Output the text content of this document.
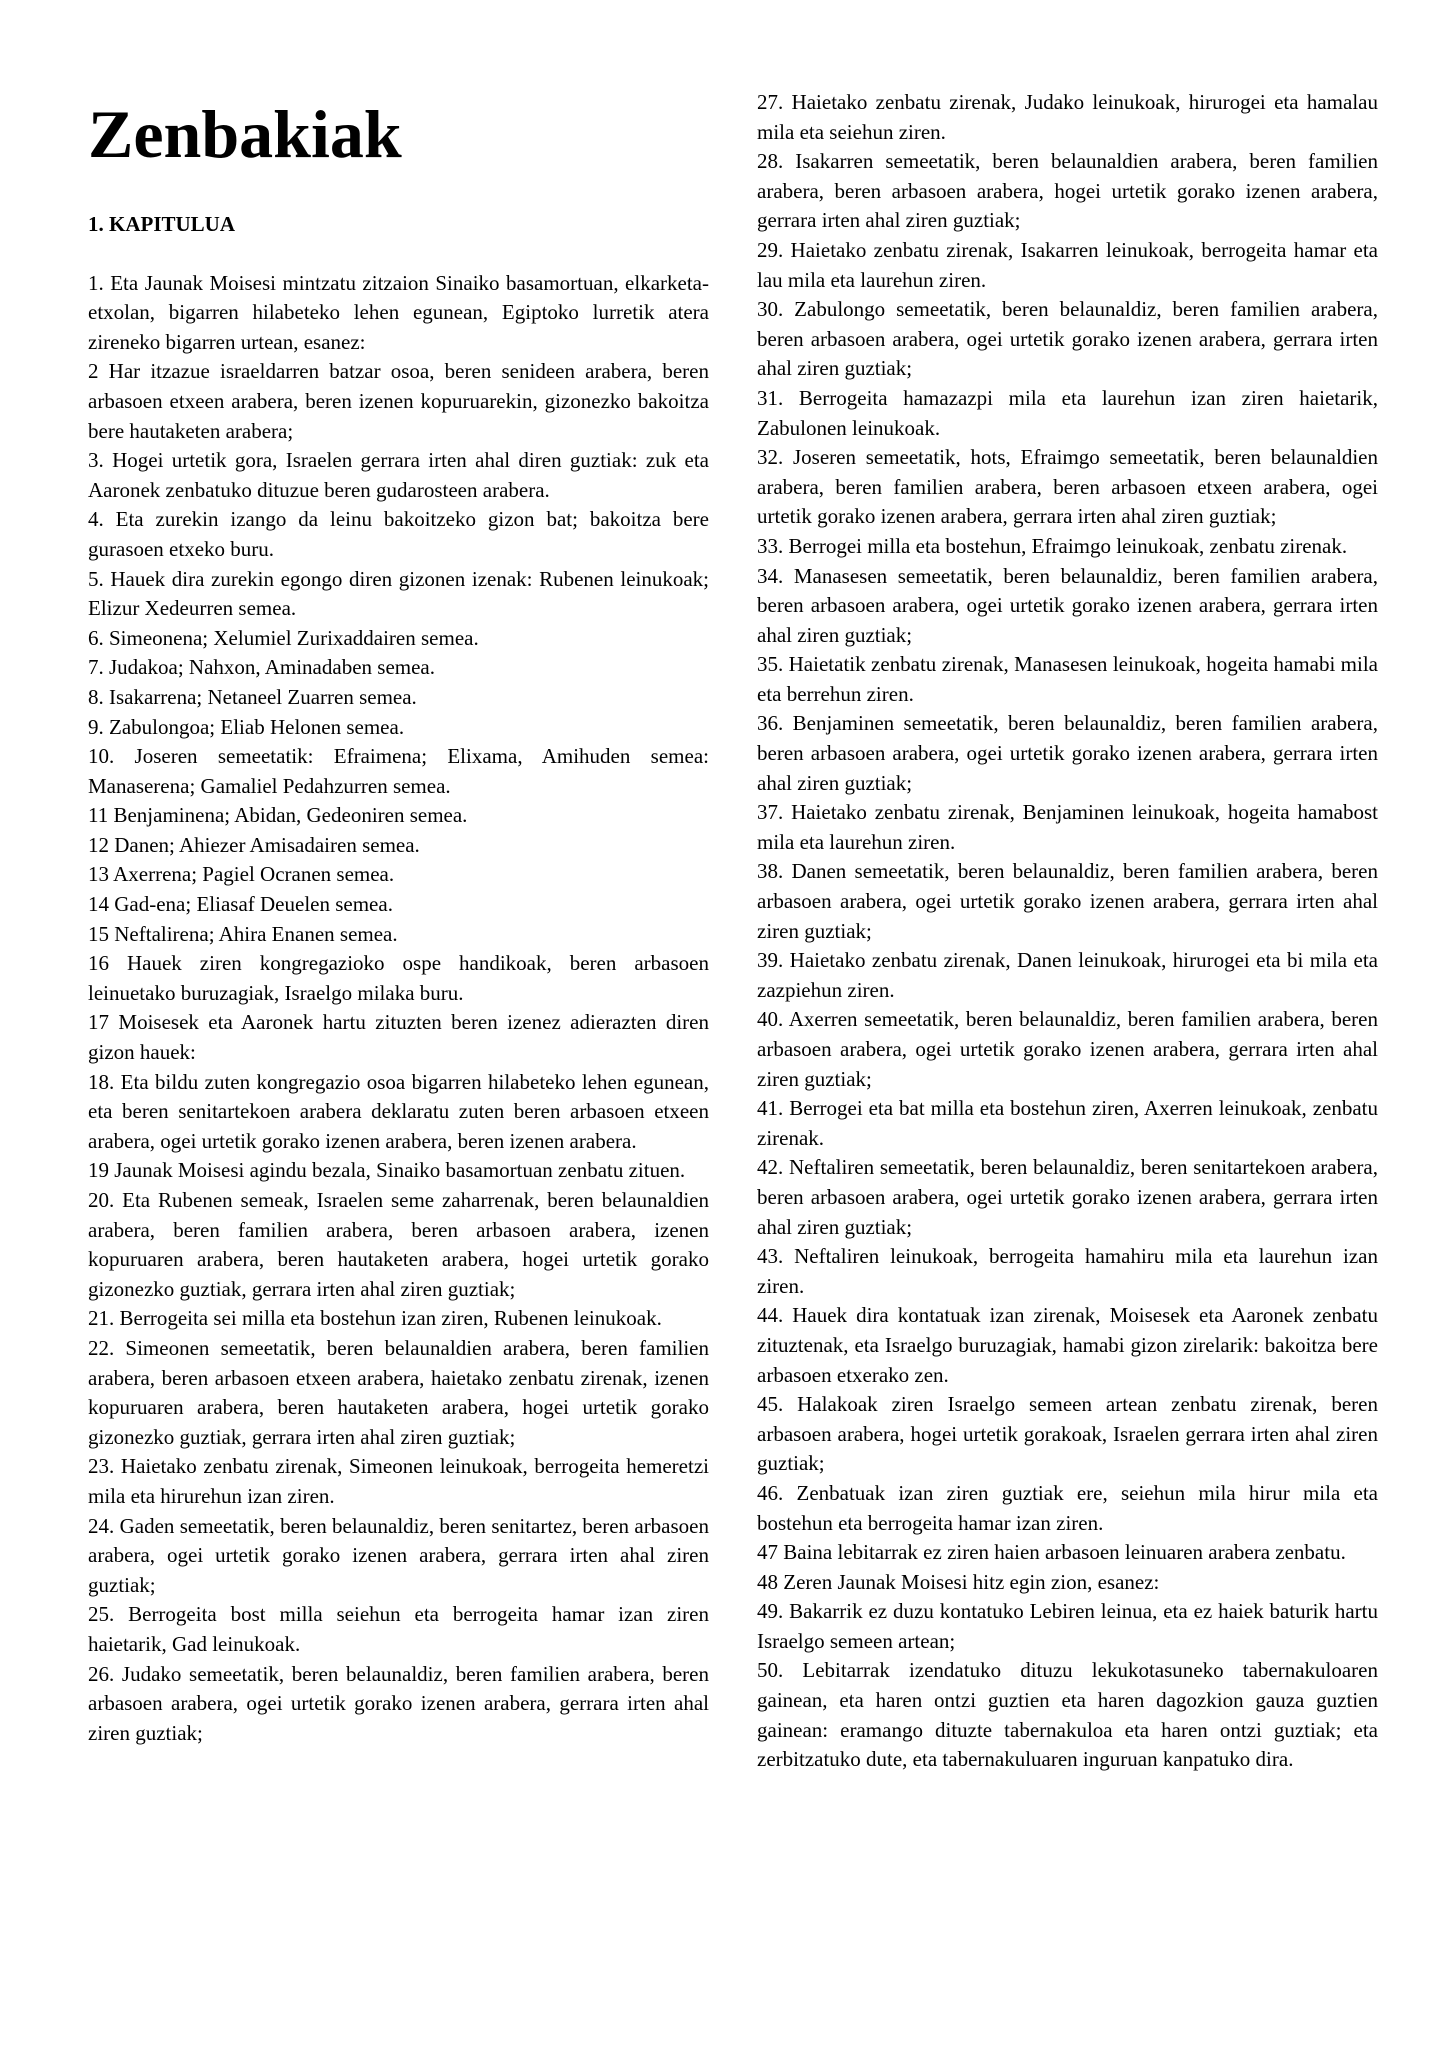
Zenbakiak
1. KAPITULUA

1. Eta Jaunak Moisesi mintzatu zitzaion Sinaiko basamortuan, elkarketa-etxolan, bigarren hilabeteko lehen egunean, Egiptoko lurretik atera zireneko bigarren urtean, esanez:

2 Har itzazue israeldarren batzar osoa, beren senideen arabera, beren arbasoen etxeen arabera, beren izenen kopuruarekin, gizonezko bakoitza bere hautaketen arabera;

3. Hogei urtetik gora, Israelen gerrara irten ahal diren guztiak: zuk eta Aaronek zenbatuko dituzue beren gudarosteen arabera.

4. Eta zurekin izango da leinu bakoitzeko gizon bat; bakoitza bere gurasoen etxeko buru.

5. Hauek dira zurekin egongo diren gizonen izenak: Rubenen leinukoak; Elizur Xedeurren semea.

6. Simeonena; Xelumiel Zurixaddairen semea.

7. Judakoa; Nahxon, Aminadaben semea.

8. Isakarrena; Netaneel Zuarren semea.

9. Zabulongoa; Eliab Helonen semea.

10. Joseren semeetatik: Efraimena; Elixama, Amihuden semea: Manaserena; Gamaliel Pedahzurren semea.

11 Benjaminena; Abidan, Gedeoniren semea.

12 Danen; Ahiezer Amisadairen semea.

13 Axerrena; Pagiel Ocranen semea.

14 Gad-ena; Eliasaf Deuelen semea.

15 Neftalirena; Ahira Enanen semea.

16 Hauek ziren kongregazioko ospe handikoak, beren arbasoen leinuetako buruzagiak, Israelgo milaka buru.

17 Moisesek eta Aaronek hartu zituzten beren izenez adierazten diren gizon hauek:

18. Eta bildu zuten kongregazio osoa bigarren hilabeteko lehen egunean, eta beren senitartekoen arabera deklaratu zuten beren arbasoen etxeen arabera, ogei urtetik gorako izenen arabera, beren izenen arabera.

19 Jaunak Moisesi agindu bezala, Sinaiko basamortuan zenbatu zituen.

20. Eta Rubenen semeak, Israelen seme zaharrenak, beren belaunaldien arabera, beren familien arabera, beren arbasoen arabera, izenen kopuruaren arabera, beren hautaketen arabera, hogei urtetik gorako gizonezko guztiak, gerrara irten ahal ziren guztiak;

21. Berrogeita sei milla eta bostehun izan ziren, Rubenen leinukoak.

22. Simeonen semeetatik, beren belaunaldien arabera, beren familien arabera, beren arbasoen etxeen arabera, haietako zenbatu zirenak, izenen kopuruaren arabera, beren hautaketen arabera, hogei urtetik gorako gizonezko guztiak, gerrara irten ahal ziren guztiak;

23. Haietako zenbatu zirenak, Simeonen leinukoak, berrogeita hemeretzi mila eta hirurehun izan ziren.

24. Gaden semeetatik, beren belaunaldiz, beren senitartez, beren arbasoen arabera, ogei urtetik gorako izenen arabera, gerrara irten ahal ziren guztiak;

25. Berrogeita bost milla seiehun eta berrogeita hamar izan ziren haietarik, Gad leinukoak.

26. Judako semeetatik, beren belaunaldiz, beren familien arabera, beren arbasoen arabera, ogei urtetik gorako izenen arabera, gerrara irten ahal ziren guztiak;

27. Haietako zenbatu zirenak, Judako leinukoak, hirurogei eta hamalau mila eta seiehun ziren.

28. Isakarren semeetatik, beren belaunaldien arabera, beren familien arabera, beren arbasoen arabera, hogei urtetik gorako izenen arabera, gerrara irten ahal ziren guztiak;

29. Haietako zenbatu zirenak, Isakarren leinukoak, berrogeita hamar eta lau mila eta laurehun ziren.

30. Zabulongo semeetatik, beren belaunaldiz, beren familien arabera, beren arbasoen arabera, ogei urtetik gorako izenen arabera, gerrara irten ahal ziren guztiak;

31. Berrogeita hamazazpi mila eta laurehun izan ziren haietarik, Zabulonen leinukoak.

32. Joseren semeetatik, hots, Efraimgo semeetatik, beren belaunaldien arabera, beren familien arabera, beren arbasoen etxeen arabera, ogei urtetik gorako izenen arabera, gerrara irten ahal ziren guztiak;

33. Berrogei milla eta bostehun, Efraimgo leinukoak, zenbatu zirenak.

34. Manasesen semeetatik, beren belaunaldiz, beren familien arabera, beren arbasoen arabera, ogei urtetik gorako izenen arabera, gerrara irten ahal ziren guztiak;

35. Haietatik zenbatu zirenak, Manasesen leinukoak, hogeita hamabi mila eta berrehun ziren.

36. Benjaminen semeetatik, beren belaunaldiz, beren familien arabera, beren arbasoen arabera, ogei urtetik gorako izenen arabera, gerrara irten ahal ziren guztiak;

37. Haietako zenbatu zirenak, Benjaminen leinukoak, hogeita hamabost mila eta laurehun ziren.

38. Danen semeetatik, beren belaunaldiz, beren familien arabera, beren arbasoen arabera, ogei urtetik gorako izenen arabera, gerrara irten ahal ziren guztiak;

39. Haietako zenbatu zirenak, Danen leinukoak, hirurogei eta bi mila eta zazpiehun ziren.

40. Axerren semeetatik, beren belaunaldiz, beren familien arabera, beren arbasoen arabera, ogei urtetik gorako izenen arabera, gerrara irten ahal ziren guztiak;

41. Berrogei eta bat milla eta bostehun ziren, Axerren leinukoak, zenbatu zirenak.

42. Neftaliren semeetatik, beren belaunaldiz, beren senitartekoen arabera, beren arbasoen arabera, ogei urtetik gorako izenen arabera, gerrara irten ahal ziren guztiak;

43. Neftaliren leinukoak, berrogeita hamahiru mila eta laurehun izan ziren.

44. Hauek dira kontatuak izan zirenak, Moisesek eta Aaronek zenbatu zituztenak, eta Israelgo buruzagiak, hamabi gizon zirelarik: bakoitza bere arbasoen etxerako zen.

45. Halakoak ziren Israelgo semeen artean zenbatu zirenak, beren arbasoen arabera, hogei urtetik gorakoak, Israelen gerrara irten ahal ziren guztiak;

46. Zenbatuak izan ziren guztiak ere, seiehun mila hirur mila eta bostehun eta berrogeita hamar izan ziren.

47 Baina lebitarrak ez ziren haien arbasoen leinuaren arabera zenbatu.

48 Zeren Jaunak Moisesi hitz egin zion, esanez:

49. Bakarrik ez duzu kontatuko Lebiren leinua, eta ez haiek baturik hartu Israelgo semeen artean;

50. Lebitarrak izendatuko dituzu lekukotasuneko tabernakuloaren gainean, eta haren ontzi guztien eta haren dagozkion gauza guztien gainean: eramango dituzte tabernakuloa eta haren ontzi guztiak; eta zerbitzatuko dute, eta tabernakuluaren inguruan kanpatuko dira.
